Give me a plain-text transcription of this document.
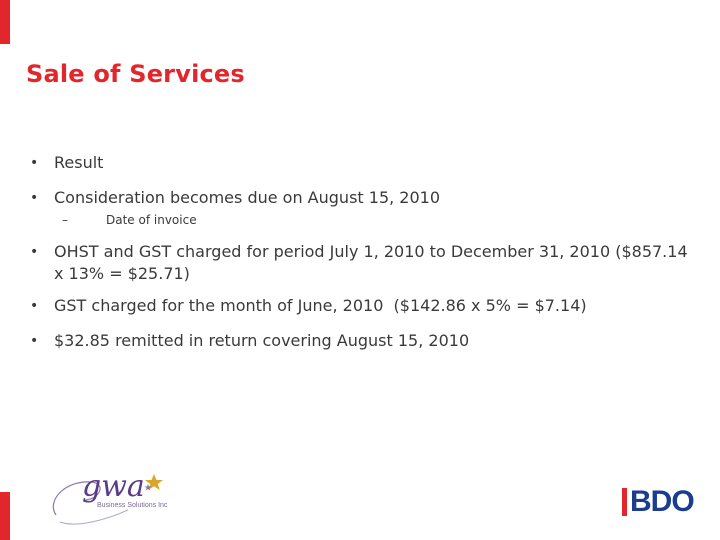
Sale of Services
• Result
• Consideration becomes due on August 15, 2010
–	Date of invoice
• OHST and GST charged for period July 1, 2010 to December 31, 2010 ($857.14 x 13% = $25.71)
• GST charged for the month of June, 2010  ($142.86 x 5% = $7.14)
• $32.85 remitted in return covering August 15, 2010
gwa
Business Solutions Inc	BDO
